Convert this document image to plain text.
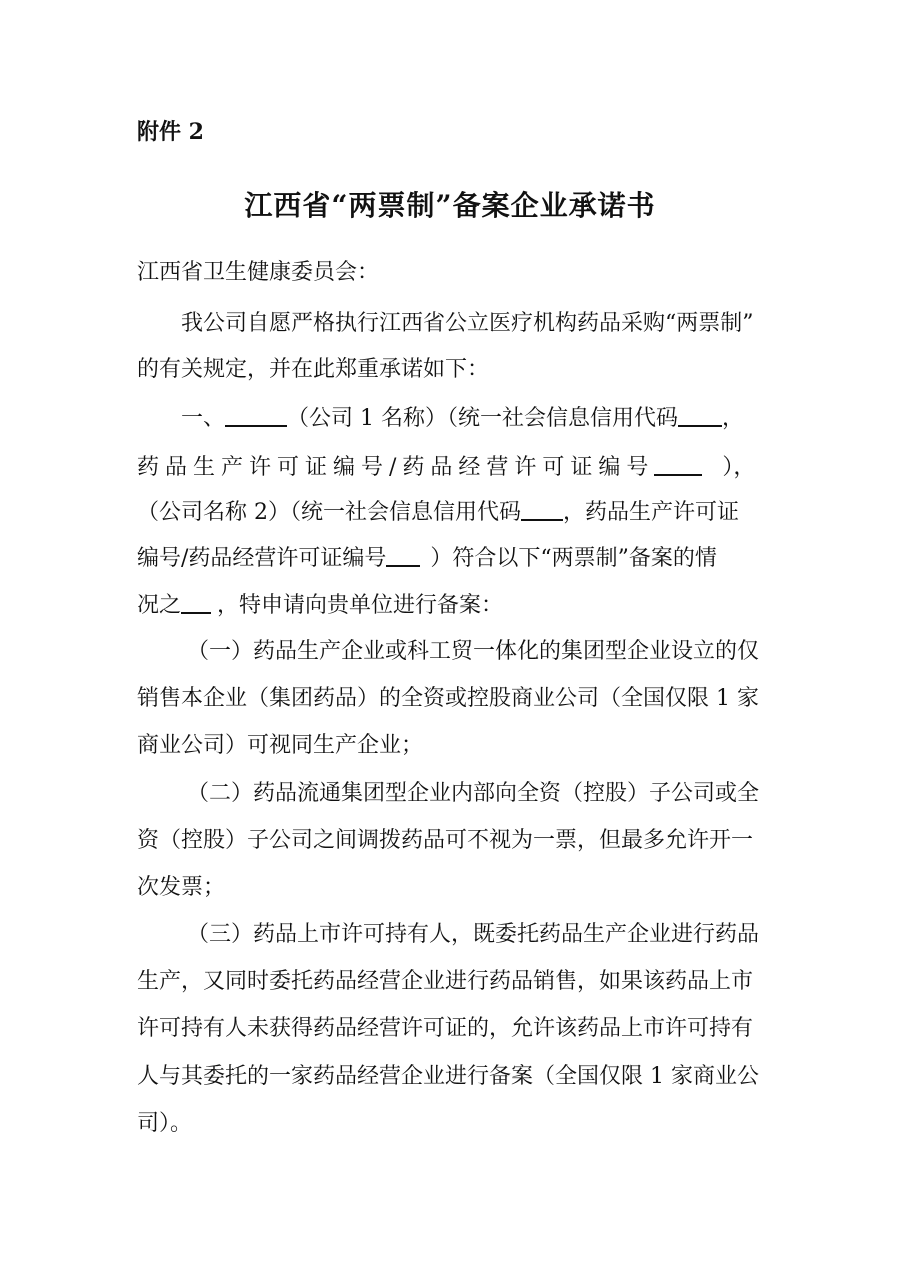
附件 2
江西省“两票制”备案企业承诺书
江西省卫生健康委员会：
我公司自愿严格执行江西省公立医疗机构药品采购“两票制”
的有关规定，并在此郑重承诺如下：
一、	（公司 1 名称）（统一社会信息信用代码 ，
药品生产许可证编号/药品经营许可证编号	），
（公司名称 2）（统一社会信息信用代码 ，药品生产许可证
编号/药品经营许可证编号 ）符合以下“两票制”备案的情
况之 ，特申请向贵单位进行备案：
（一）药品生产企业或科工贸一体化的集团型企业设立的仅
销售本企业（集团药品）的全资或控股商业公司（全国仅限 1 家
商业公司）可视同生产企业；
（二）药品流通集团型企业内部向全资（控股）子公司或全
资（控股）子公司之间调拨药品可不视为一票，但最多允许开一
次发票；
（三）药品上市许可持有人，既委托药品生产企业进行药品
生产，又同时委托药品经营企业进行药品销售，如果该药品上市
许可持有人未获得药品经营许可证的，允许该药品上市许可持有
人与其委托的一家药品经营企业进行备案（全国仅限 1 家商业公
司）。
